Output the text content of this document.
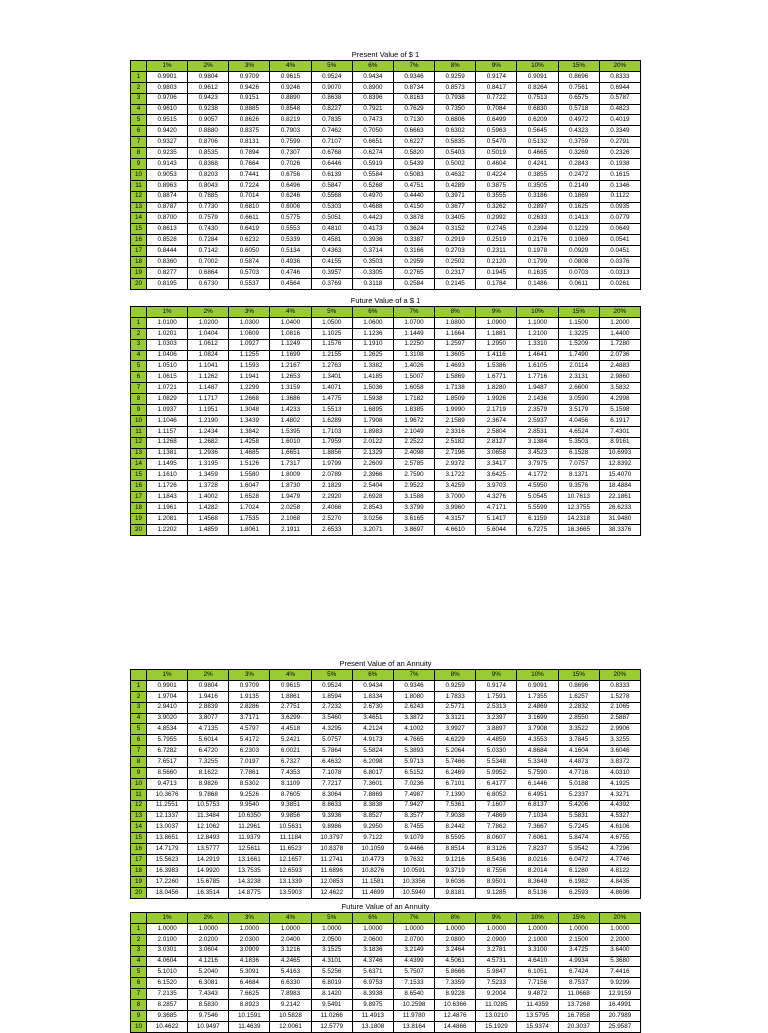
Present Value of $ 1
	1%	2%	3%	4%	5%	6%	7%	8%	9%	10%	15%	20%
1	0.9901	0.9804	0.9709	0.9615	0.9524	0.9434	0.9346	0.9259	0.9174	0.9091	0.8696	0.8333
2	0.9803	0.9612	0.9426	0.9246	0.9070	0.8900	0.8734	0.8573	0.8417	0.8264	0.7561	0.6944
3	0.9706	0.9423	0.9151	0.8890	0.8638	0.8396	0.8163	0.7938	0.7722	0.7513	0.6575	0.5787
4	0.9610	0.9238	0.8885	0.8548	0.8227	0.7921	0.7629	0.7350	0.7084	0.6830	0.5718	0.4823
5	0.9515	0.9057	0.8626	0.8219	0.7835	0.7473	0.7130	0.6806	0.6499	0.6209	0.4972	0.4019
6	0.9420	0.8880	0.8375	0.7903	0.7462	0.7050	0.6663	0.6302	0.5963	0.5645	0.4323	0.3349
7	0.9327	0.8706	0.8131	0.7599	0.7107	0.6651	0.6227	0.5835	0.5470	0.5132	0.3759	0.2791
8	0.9235	0.8535	0.7894	0.7307	0.6768	0.6274	0.5820	0.5403	0.5019	0.4665	0.3269	0.2326
9	0.9143	0.8368	0.7664	0.7026	0.6446	0.5919	0.5439	0.5002	0.4604	0.4241	0.2843	0.1938
10	0.9053	0.8203	0.7441	0.6756	0.6139	0.5584	0.5083	0.4632	0.4224	0.3855	0.2472	0.1615
11	0.8963	0.8043	0.7224	0.6496	0.5847	0.5268	0.4751	0.4289	0.3875	0.3505	0.2149	0.1346
12	0.8874	0.7885	0.7014	0.6246	0.5568	0.4970	0.4440	0.3971	0.3555	0.3186	0.1869	0.1122
13	0.8787	0.7730	0.6810	0.6006	0.5303	0.4688	0.4150	0.3677	0.3262	0.2897	0.1625	0.0935
14	0.8700	0.7579	0.6611	0.5775	0.5051	0.4423	0.3878	0.3405	0.2992	0.2633	0.1413	0.0779
15	0.8613	0.7430	0.6419	0.5553	0.4810	0.4173	0.3624	0.3152	0.2745	0.2394	0.1229	0.0649
16	0.8528	0.7284	0.6232	0.5339	0.4581	0.3936	0.3387	0.2919	0.2519	0.2176	0.1069	0.0541
17	0.8444	0.7142	0.6050	0.5134	0.4363	0.3714	0.3166	0.2703	0.2311	0.1978	0.0929	0.0451
18	0.8360	0.7002	0.5874	0.4936	0.4155	0.3503	0.2959	0.2502	0.2120	0.1799	0.0808	0.0376
19	0.8277	0.6864	0.5703	0.4746	0.3957	0.3305	0.2765	0.2317	0.1945	0.1635	0.0703	0.0313
20	0.8195	0.6730	0.5537	0.4564	0.3769	0.3118	0.2584	0.2145	0.1784	0.1486	0.0611	0.0261
Future Value of a $ 1
	1%	2%	3%	4%	5%	6%	7%	8%	9%	10%	15%	20%
1	1.0100	1.0200	1.0300	1.0400	1.0500	1.0600	1.0700	1.0800	1.0900	1.1000	1.1500	1.2000
2	1.0201	1.0404	1.0609	1.0816	1.1025	1.1236	1.1449	1.1664	1.1881	1.2100	1.3225	1.4400
3	1.0303	1.0612	1.0927	1.1249	1.1576	1.1910	1.2250	1.2597	1.2950	1.3310	1.5209	1.7280
4	1.0406	1.0824	1.1255	1.1699	1.2155	1.2625	1.3108	1.3605	1.4116	1.4641	1.7490	2.0736
5	1.0510	1.1041	1.1593	1.2167	1.2763	1.3382	1.4026	1.4693	1.5386	1.6105	2.0114	2.4883
6	1.0615	1.1262	1.1941	1.2653	1.3401	1.4185	1.5007	1.5869	1.6771	1.7716	2.3131	2.9860
7	1.0721	1.1487	1.2299	1.3159	1.4071	1.5036	1.6058	1.7138	1.8280	1.9487	2.6600	3.5832
8	1.0829	1.1717	1.2668	1.3686	1.4775	1.5938	1.7182	1.8509	1.9926	2.1436	3.0590	4.2998
9	1.0937	1.1951	1.3048	1.4233	1.5513	1.6895	1.8385	1.9990	2.1719	2.3579	3.5179	5.1598
10	1.1046	1.2190	1.3439	1.4802	1.6289	1.7908	1.9672	2.1589	2.3674	2.5937	4.0456	6.1917
11	1.1157	1.2434	1.3842	1.5395	1.7103	1.8983	2.1049	2.3316	2.5804	2.8531	4.6524	7.4301
12	1.1268	1.2682	1.4258	1.6010	1.7959	2.0122	2.2522	2.5182	2.8127	3.1384	5.3503	8.9161
13	1.1381	1.2936	1.4685	1.6651	1.8856	2.1329	2.4098	2.7196	3.0658	3.4523	6.1528	10.6993
14	1.1495	1.3195	1.5126	1.7317	1.9799	2.2609	2.5785	2.9372	3.3417	3.7975	7.0757	12.8392
15	1.1610	1.3459	1.5580	1.8009	2.0789	2.3966	2.7590	3.1722	3.6425	4.1772	8.1371	15.4070
16	1.1726	1.3728	1.6047	1.8730	2.1829	2.5404	2.9522	3.4259	3.9703	4.5950	9.3576	18.4884
17	1.1843	1.4002	1.6528	1.9479	2.2920	2.6928	3.1588	3.7000	4.3276	5.0545	10.7613	22.1861
18	1.1961	1.4282	1.7024	2.0258	2.4066	2.8543	3.3799	3.9960	4.7171	5.5599	12.3755	26.6233
19	1.2081	1.4568	1.7535	2.1068	2.5270	3.0256	3.6165	4.3157	5.1417	6.1159	14.2318	31.9480
20	1.2202	1.4859	1.8061	2.1911	2.6533	3.2071	3.8697	4.6610	5.6044	6.7275	16.3665	38.3376
Present Value of an Annuity
	1%	2%	3%	4%	5%	6%	7%	8%	9%	10%	15%	20%
1	0.9901	0.9804	0.9709	0.9615	0.9524	0.9434	0.9346	0.9259	0.9174	0.9091	0.8696	0.8333
2	1.9704	1.9416	1.9135	1.8861	1.8594	1.8334	1.8080	1.7833	1.7591	1.7355	1.6257	1.5278
3	2.9410	2.8839	2.8286	2.7751	2.7232	2.6730	2.6243	2.5771	2.5313	2.4869	2.2832	2.1065
4	3.9020	3.8077	3.7171	3.6299	3.5460	3.4651	3.3872	3.3121	3.2397	3.1699	2.8550	2.5887
5	4.8534	4.7135	4.5797	4.4518	4.3295	4.2124	4.1002	3.9927	3.8897	3.7908	3.3522	2.9906
6	5.7955	5.6014	5.4172	5.2421	5.0757	4.9173	4.7665	4.6229	4.4859	4.3553	3.7845	3.3255
7	6.7282	6.4720	6.2303	6.0021	5.7864	5.5824	5.3893	5.2064	5.0330	4.8684	4.1604	3.6046
8	7.6517	7.3255	7.0197	6.7327	6.4632	6.2098	5.9713	5.7466	5.5348	5.3349	4.4873	3.8372
9	8.5660	8.1622	7.7861	7.4353	7.1078	6.8017	6.5152	6.2469	5.9952	5.7590	4.7716	4.0310
10	9.4713	8.9826	8.5302	8.1109	7.7217	7.3601	7.0236	6.7101	6.4177	6.1446	5.0188	4.1925
11	10.3676	9.7868	9.2526	8.7605	8.3064	7.8869	7.4987	7.1390	6.8052	6.4951	5.2337	4.3271
12	11.2551	10.5753	9.9540	9.3851	8.8633	8.3838	7.9427	7.5361	7.1607	6.8137	5.4206	4.4392
13	12.1337	11.3484	10.6350	9.9856	9.3936	8.8527	8.3577	7.9038	7.4869	7.1034	5.5831	4.5327
14	13.0037	12.1062	11.2961	10.5631	9.8986	9.2950	8.7455	8.2442	7.7862	7.3667	5.7245	4.6106
15	13.8651	12.8493	11.9379	11.1184	10.3797	9.7122	9.1079	8.5595	8.0607	7.6061	5.8474	4.6755
16	14.7179	13.5777	12.5611	11.6523	10.8378	10.1059	9.4466	8.8514	8.3126	7.8237	5.9542	4.7296
17	15.5623	14.2919	13.1661	12.1657	11.2741	10.4773	9.7632	9.1216	8.5436	8.0216	6.0472	4.7746
18	16.3983	14.9920	13.7535	12.6593	11.6896	10.8276	10.0591	9.3719	8.7556	8.2014	6.1280	4.8122
19	17.2260	15.6785	14.3238	13.1339	12.0853	11.1581	10.3356	9.6036	8.9501	8.3649	6.1982	4.8435
20	18.0456	16.3514	14.8775	13.5903	12.4622	11.4699	10.5940	9.8181	9.1285	8.5136	6.2593	4.8696
Future Value of an Annuity
	1%	2%	3%	4%	5%	6%	7%	8%	9%	10%	15%	20%
1	1.0000	1.0000	1.0000	1.0000	1.0000	1.0000	1.0000	1.0000	1.0000	1.0000	1.0000	1.0000
2	2.0100	2.0200	2.0300	2.0400	2.0500	2.0600	2.0700	2.0800	2.0900	2.1000	2.1500	2.2000
3	3.0301	3.0604	3.0909	3.1216	3.1525	3.1836	3.2149	3.2464	3.2781	3.3100	3.4725	3.6400
4	4.0604	4.1216	4.1836	4.2465	4.3101	4.3746	4.4399	4.5061	4.5731	4.6410	4.9934	5.3680
5	5.1010	5.2040	5.3091	5.4163	5.5256	5.6371	5.7507	5.8666	5.9847	6.1051	6.7424	7.4416
6	6.1520	6.3081	6.4684	6.6330	6.8019	6.9753	7.1533	7.3359	7.5233	7.7156	8.7537	9.9299
7	7.2135	7.4343	7.6625	7.8983	8.1420	8.3938	8.6540	8.9228	9.2004	9.4872	11.0668	12.9159
8	8.2857	8.5830	8.8923	9.2142	9.5491	9.8975	10.2598	10.6366	11.0285	11.4359	13.7268	16.4991
9	9.3685	9.7546	10.1591	10.5828	11.0266	11.4913	11.9780	12.4876	13.0210	13.5795	16.7858	20.7989
10	10.4622	10.9497	11.4639	12.0061	12.5779	13.1808	13.8164	14.4866	15.1929	15.9374	20.3037	25.9587
